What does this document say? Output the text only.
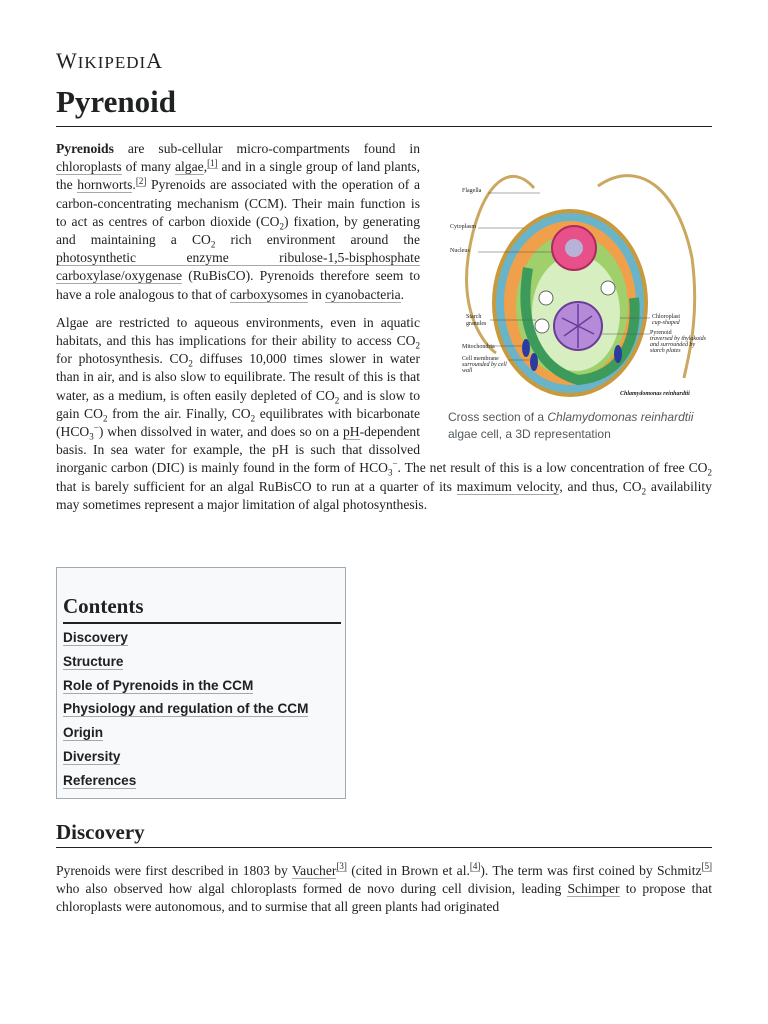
WIKIPEDIA
Pyrenoid
Flagella
Cytoplasm
Nucleus
Starch
granules
Mitochondria
Cell membrane
surrounded by cell
wall
Chloroplast
cup-shaped
Pyrenoid
traversed by thylakoids
and surrounded by
starch plates
Chlamydomonas reinhardtii
Cross section of a Chlamydomonas reinhardtii algae cell, a 3D representation

Pyrenoids are sub-cellular micro-compartments found in chloroplasts of many algae,[1] and in a single group of land plants, the hornworts.[2] Pyrenoids are associated with the operation of a carbon-concentrating mechanism (CCM). Their main function is to act as centres of carbon dioxide $(CO_2)$ fixation, by generating and maintaining a $CO_2$ rich environment around the photosynthetic enzyme ribulose-1,5-bisphosphate carboxylase/oxygenase (RuBisCO). Pyrenoids therefore seem to have a role analogous to that of carboxysomes in cyanobacteria.

Algae are restricted to aqueous environments, even in aquatic habitats, and this has implications for their ability to access $CO_2$ for photosynthesis. $CO_2$ diffuses 10,000 times slower in water than in air, and is also slow to equilibrate. The result of this is that water, as a medium, is often easily depleted of $CO_2$ and is slow to gain $CO_2$ from the air. Finally, $CO_2$ equilibrates with bicarbonate $(HCO_3^-)$ when dissolved in water, and does so on a pH-dependent basis. In sea water for example, the pH is such that dissolved inorganic carbon (DIC) is mainly found in the form of $HCO_3^-$. The net result of this is a low concentration of free $CO_2$ that is barely sufficient for an algal RuBisCO to run at a quarter of its maximum velocity, and thus, $CO_2$ availability may sometimes represent a major limitation of algal photosynthesis.

Contents
Discovery
Structure
Role of Pyrenoids in the CCM
Physiology and regulation of the CCM
Origin
Diversity
References
Discovery

Pyrenoids were first described in 1803 by Vaucher[3] (cited in Brown et al.[4]). The term was first coined by Schmitz[5] who also observed how algal chloroplasts formed de novo during cell division, leading Schimper to propose that chloroplasts were autonomous, and to surmise that all green plants had originated
